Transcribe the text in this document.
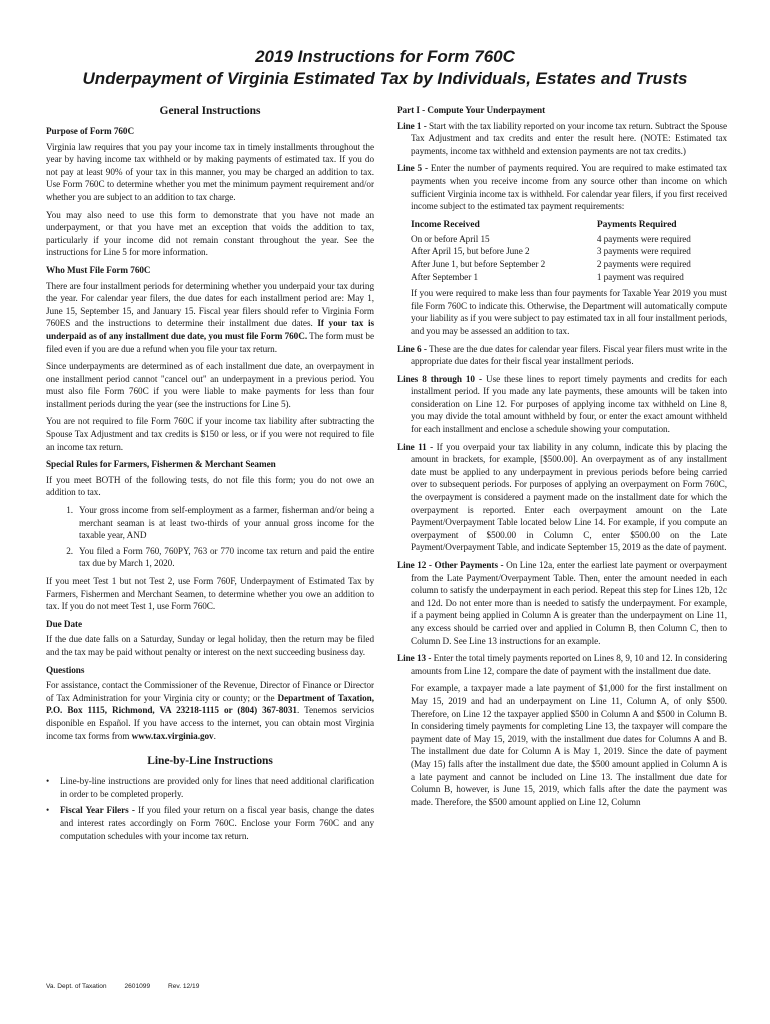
2019 Instructions for Form 760C
Underpayment of Virginia Estimated Tax by Individuals, Estates and Trusts
General Instructions
Purpose of Form 760C

Virginia law requires that you pay your income tax in timely installments throughout the year by having income tax withheld or by making payments of estimated tax. If you do not pay at least 90% of your tax in this manner, you may be charged an addition to tax. Use Form 760C to determine whether you met the minimum payment requirement and/or whether you are subject to an addition to tax charge.

You may also need to use this form to demonstrate that you have not made an underpayment, or that you have met an exception that voids the addition to tax, particularly if your income did not remain constant throughout the year. See the instructions for Line 5 for more information.

Who Must File Form 760C

There are four installment periods for determining whether you underpaid your tax during the year. For calendar year filers, the due dates for each installment period are: May 1, June 15, September 15, and January 15. Fiscal year filers should refer to Virginia Form 760ES and the instructions to determine their installment due dates. If your tax is underpaid as of any installment due date, you must file Form 760C. The form must be filed even if you are due a refund when you file your tax return.

Since underpayments are determined as of each installment due date, an overpayment in one installment period cannot "cancel out" an underpayment in a previous period. You must also file Form 760C if you were liable to make payments for less than four installment periods during the year (see the instructions for Line 5).

You are not required to file Form 760C if your income tax liability after subtracting the Spouse Tax Adjustment and tax credits is $150 or less, or if you were not required to file an income tax return.

Special Rules for Farmers, Fishermen & Merchant Seamen

If you meet BOTH of the following tests, do not file this form; you do not owe an addition to tax.

1. Your gross income from self-employment as a farmer, fisherman and/or being a merchant seaman is at least two-thirds of your annual gross income for the taxable year, AND
2. You filed a Form 760, 760PY, 763 or 770 income tax return and paid the entire tax due by March 1, 2020.

If you meet Test 1 but not Test 2, use Form 760F, Underpayment of Estimated Tax by Farmers, Fishermen and Merchant Seamen, to determine whether you owe an addition to tax. If you do not meet Test 1, use Form 760C.

Due Date

If the due date falls on a Saturday, Sunday or legal holiday, then the return may be filed and the tax may be paid without penalty or interest on the next succeeding business day.

Questions

For assistance, contact the Commissioner of the Revenue, Director of Finance or Director of Tax Administration for your Virginia city or county; or the Department of Taxation, P.O. Box 1115, Richmond, VA 23218-1115 or (804) 367-8031. Tenemos servicios disponible en Español. If you have access to the internet, you can obtain most Virginia income tax forms from www.tax.virginia.gov.

Line-by-Line Instructions
•	Line-by-line instructions are provided only for lines that need additional clarification in order to be completed properly.
•	Fiscal Year Filers - If you filed your return on a fiscal year basis, change the dates and interest rates accordingly on Form 760C. Enclose your Form 760C and any computation schedules with your income tax return.
Part I - Compute Your Underpayment
Line 1 - Start with the tax liability reported on your income tax return. Subtract the Spouse Tax Adjustment and tax credits and enter the result here. (NOTE: Estimated tax payments, income tax withheld and extension payments are not tax credits.)
Line 5 - Enter the number of payments required. You are required to make estimated tax payments when you receive income from any source other than income on which sufficient Virginia income tax is withheld. For calendar year filers, if you first received income subject to the estimated tax payment requirements:
Income Received	Payments Required
On or before April 15	4 payments were required
After April 15, but before June 2	3 payments were required
After June 1, but before September 2	2 payments were required
After September 1	1 payment was required

If you were required to make less than four payments for Taxable Year 2019 you must file Form 760C to indicate this. Otherwise, the Department will automatically compute your liability as if you were subject to pay estimated tax in all four installment periods, and you may be assessed an addition to tax.

Line 6 - These are the due dates for calendar year filers. Fiscal year filers must write in the appropriate due dates for their fiscal year installment periods.
Lines 8 through 10 - Use these lines to report timely payments and credits for each installment period. If you made any late payments, these amounts will be taken into consideration on Line 12. For purposes of applying income tax withheld on Line 8, you may divide the total amount withheld by four, or enter the exact amount withheld for each installment and enclose a schedule showing your computation.
Line 11 - If you overpaid your tax liability in any column, indicate this by placing the amount in brackets, for example, [$500.00]. An overpayment as of any installment date must be applied to any underpayment in previous periods before being carried over to subsequent periods. For purposes of applying an overpayment on Form 760C, the overpayment is considered a payment made on the installment date for which the overpayment is reported. Enter each overpayment amount on the Late Payment/Overpayment Table located below Line 14. For example, if you compute an overpayment of $500.00 in Column C, enter $500.00 on the Late Payment/Overpayment Table, and indicate September 15, 2019 as the date of payment.
Line 12 - Other Payments - On Line 12a, enter the earliest late payment or overpayment from the Late Payment/Overpayment Table. Then, enter the amount needed in each column to satisfy the underpayment in each period. Repeat this step for Lines 12b, 12c and 12d. Do not enter more than is needed to satisfy the underpayment. For example, if a payment being applied in Column A is greater than the underpayment on Line 11, any excess should be carried over and applied in Column B, then Column C, then to Column D. See Line 13 instructions for an example.
Line 13 - Enter the total timely payments reported on Lines 8, 9, 10 and 12. In considering amounts from Line 12, compare the date of payment with the installment due date.

For example, a taxpayer made a late payment of $1,000 for the first installment on May 15, 2019 and had an underpayment on Line 11, Column A, of only $500. Therefore, on Line 12 the taxpayer applied $500 in Column A and $500 in Column B. In considering timely payments for completing Line 13, the taxpayer will compare the payment date of May 15, 2019, with the installment due dates for Columns A and B. The installment due date for Column A is May 1, 2019. Since the date of payment (May 15) falls after the installment due date, the $500 amount applied in Column A is a late payment and cannot be included on Line 13. The installment due date for Column B, however, is June 15, 2019, which falls after the date the payment was made. Therefore, the $500 amount applied on Line 12, Column

Va. Dept. of Taxation	2601099	Rev. 12/19
